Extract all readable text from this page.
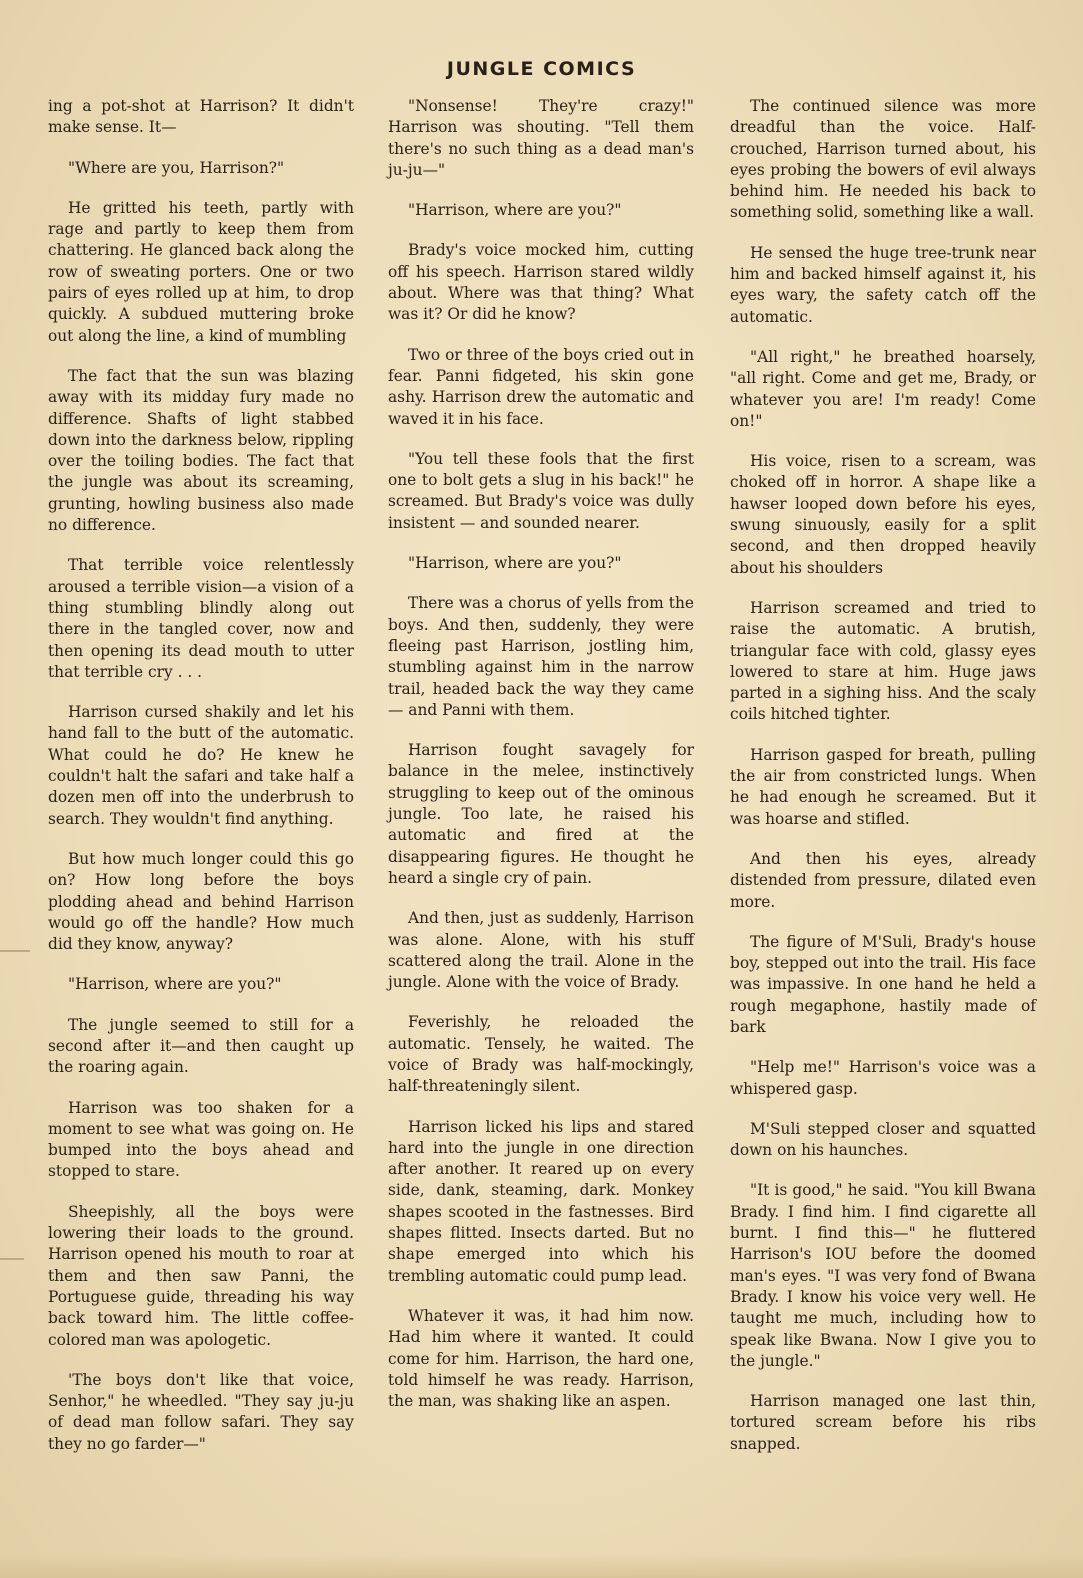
JUNGLE COMICS

ing a pot-shot at Harrison? It didn't make sense. It—

"Where are you, Harrison?"

He gritted his teeth, partly with rage and partly to keep them from chattering. He glanced back along the row of sweating porters. One or two pairs of eyes rolled up at him, to drop quickly. A subdued muttering broke out along the line, a kind of mumbling

The fact that the sun was blazing away with its midday fury made no difference. Shafts of light stabbed down into the darkness below, rippling over the toiling bodies. The fact that the jungle was about its screaming, grunting, howling business also made no difference.

That terrible voice relentlessly aroused a terrible vision—a vision of a thing stumbling blindly along out there in the tangled cover, now and then opening its dead mouth to utter that terrible cry . . .

Harrison cursed shakily and let his hand fall to the butt of the automatic. What could he do? He knew he couldn't halt the safari and take half a dozen men off into the underbrush to search. They wouldn't find anything.

But how much longer could this go on? How long before the boys plodding ahead and behind Harrison would go off the handle? How much did they know, anyway?

"Harrison, where are you?"

The jungle seemed to still for a second after it—and then caught up the roaring again.

Harrison was too shaken for a moment to see what was going on. He bumped into the boys ahead and stopped to stare.

Sheepishly, all the boys were lowering their loads to the ground. Harrison opened his mouth to roar at them and then saw Panni, the Portuguese guide, threading his way back toward him. The little coffee-colored man was apologetic.

'The boys don't like that voice, Senhor," he wheedled. "They say ju-ju of dead man follow safari. They say they no go farder—"

"Nonsense! They're crazy!" Harrison was shouting. "Tell them there's no such thing as a dead man's ju-ju—"

"Harrison, where are you?"

Brady's voice mocked him, cutting off his speech. Harrison stared wildly about. Where was that thing? What was it? Or did he know?

Two or three of the boys cried out in fear. Panni fidgeted, his skin gone ashy. Harrison drew the automatic and waved it in his face.

"You tell these fools that the first one to bolt gets a slug in his back!" he screamed. But Brady's voice was dully insistent — and sounded nearer.

"Harrison, where are you?"

There was a chorus of yells from the boys. And then, suddenly, they were fleeing past Harrison, jostling him, stumbling against him in the narrow trail, headed back the way they came — and Panni with them.

Harrison fought savagely for balance in the melee, instinctively struggling to keep out of the ominous jungle. Too late, he raised his automatic and fired at the disappearing figures. He thought he heard a single cry of pain.

And then, just as suddenly, Harrison was alone. Alone, with his stuff scattered along the trail. Alone in the jungle. Alone with the voice of Brady.

Feverishly, he reloaded the automatic. Tensely, he waited. The voice of Brady was half-mockingly, half-threateningly silent.

Harrison licked his lips and stared hard into the jungle in one direction after another. It reared up on every side, dank, steaming, dark. Monkey shapes scooted in the fastnesses. Bird shapes flitted. Insects darted. But no shape emerged into which his trembling automatic could pump lead.

Whatever it was, it had him now. Had him where it wanted. It could come for him. Harrison, the hard one, told himself he was ready. Harrison, the man, was shaking like an aspen.

The continued silence was more dreadful than the voice. Half-crouched, Harrison turned about, his eyes probing the bowers of evil always behind him. He needed his back to something solid, something like a wall.

He sensed the huge tree-trunk near him and backed himself against it, his eyes wary, the safety catch off the automatic.

"All right," he breathed hoarsely, "all right. Come and get me, Brady, or whatever you are! I'm ready! Come on!"

His voice, risen to a scream, was choked off in horror. A shape like a hawser looped down before his eyes, swung sinuously, easily for a split second, and then dropped heavily about his shoulders

Harrison screamed and tried to raise the automatic. A brutish, triangular face with cold, glassy eyes lowered to stare at him. Huge jaws parted in a sighing hiss. And the scaly coils hitched tighter.

Harrison gasped for breath, pulling the air from constricted lungs. When he had enough he screamed. But it was hoarse and stifled.

And then his eyes, already distended from pressure, dilated even more.

The figure of M'Suli, Brady's house boy, stepped out into the trail. His face was impassive. In one hand he held a rough megaphone, hastily made of bark

"Help me!" Harrison's voice was a whispered gasp.

M'Suli stepped closer and squatted down on his haunches.

"It is good," he said. "You kill Bwana Brady. I find him. I find cigarette all burnt. I find this—" he fluttered Harrison's IOU before the doomed man's eyes. "I was very fond of Bwana Brady. I know his voice very well. He taught me much, including how to speak like Bwana. Now I give you to the jungle."

Harrison managed one last thin, tortured scream before his ribs snapped.
